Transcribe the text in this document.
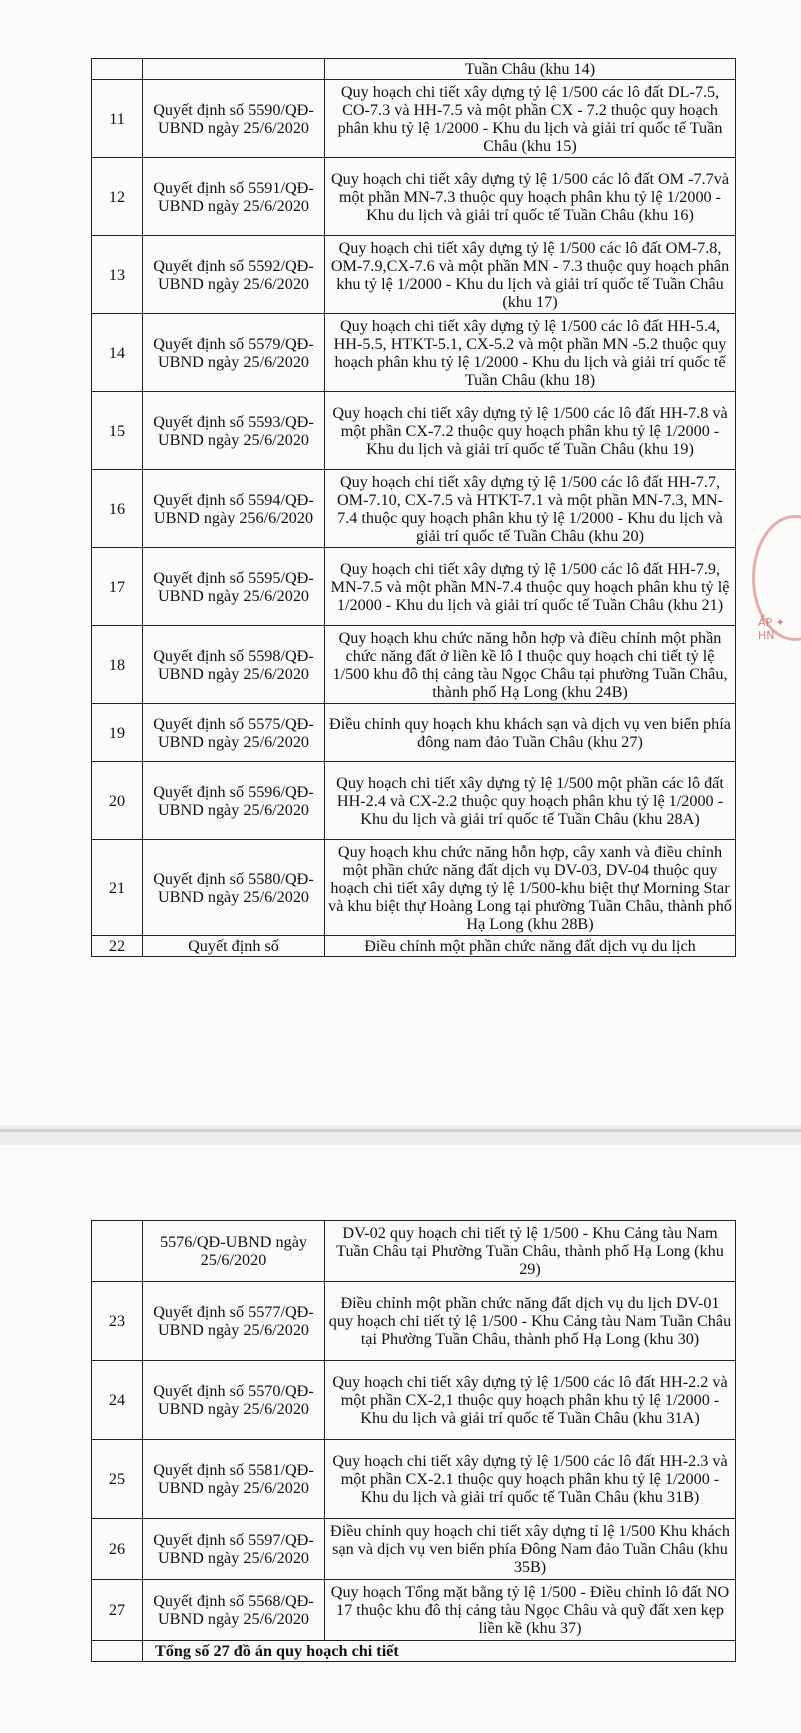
		Tuần Châu (khu 14)
11	Quyết định số 5590/QĐ-UBND ngày 25/6/2020	Quy hoạch chi tiết xây dựng tỷ lệ 1/500 các lô đất DL-7.5, CO-7.3 và HH-7.5 và một phần CX - 7.2 thuộc quy hoạch phân khu tỷ lệ 1/2000 - Khu du lịch và giải trí quốc tế Tuần Châu (khu 15)
12	Quyết định số 5591/QĐ-UBND ngày 25/6/2020	Quy hoạch chi tiết xây dựng tỷ lệ 1/500 các lô đất OM -7.7và một phần MN-7.3 thuộc quy hoạch phân khu tỷ lệ 1/2000 - Khu du lịch và giải trí quốc tế Tuần Châu (khu 16)
13	Quyết định số 5592/QĐ-UBND ngày 25/6/2020	Quy hoạch chi tiết xây dựng tỷ lệ 1/500 các lô đất OM-7.8, OM-7.9,CX-7.6 và một phần MN - 7.3 thuộc quy hoạch phân khu tỷ lệ 1/2000 - Khu du lịch và giải trí quốc tế Tuần Châu (khu 17)
14	Quyết định số 5579/QĐ-UBND ngày 25/6/2020	Quy hoạch chi tiết xây dựng tỷ lệ 1/500 các lô đất HH-5.4, HH-5.5, HTKT-5.1, CX-5.2 và một phần MN -5.2 thuộc quy hoạch phân khu tỷ lệ 1/2000 - Khu du lịch và giải trí quốc tế Tuần Châu (khu 18)
15	Quyết định số 5593/QĐ-UBND ngày 25/6/2020	Quy hoạch chi tiết xây dựng tỷ lệ 1/500 các lô đất HH-7.8 và một phần CX-7.2 thuộc quy hoạch phân khu tỷ lệ 1/2000 - Khu du lịch và giải trí quốc tế Tuần Châu (khu 19)
16	Quyết định số 5594/QĐ-UBND ngày 256/6/2020	Quy hoạch chi tiết xây dựng tỷ lệ 1/500 các lô đất HH-7.7, OM-7.10, CX-7.5 và HTKT-7.1 và một phần MN-7.3, MN-7.4 thuộc quy hoạch phân khu tỷ lệ 1/2000 - Khu du lịch và giải trí quốc tế Tuần Châu (khu 20)
17	Quyết định số 5595/QĐ-UBND ngày 25/6/2020	Quy hoạch chi tiết xây dựng tỷ lệ 1/500 các lô đất HH-7.9, MN-7.5 và một phần MN-7.4 thuộc quy hoạch phân khu tỷ lệ 1/2000 - Khu du lịch và giải trí quốc tế Tuần Châu (khu 21)
18	Quyết định số 5598/QĐ-UBND ngày 25/6/2020	Quy hoạch khu chức năng hỗn hợp và điều chỉnh một phần chức năng đất ở liền kề lô I thuộc quy hoạch chi tiết tỷ lệ 1/500 khu đô thị cảng tàu Ngọc Châu tại phường Tuần Châu, thành phố Hạ Long (khu 24B)
19	Quyết định số 5575/QĐ-UBND ngày 25/6/2020	Điều chỉnh quy hoạch khu khách sạn và dịch vụ ven biển phía đông nam đảo Tuần Châu (khu 27)
20	Quyết định số 5596/QĐ-UBND ngày 25/6/2020	Quy hoạch chi tiết xây dựng tỷ lệ 1/500 một phần các lô đất HH-2.4 và CX-2.2 thuộc quy hoạch phân khu tỷ lệ 1/2000 - Khu du lịch và giải trí quốc tế Tuần Châu (khu 28A)
21	Quyết định số 5580/QĐ-UBND ngày 25/6/2020	Quy hoạch khu chức năng hỗn hợp, cây xanh và điều chỉnh một phần chức năng đất dịch vụ DV-03, DV-04 thuộc quy hoạch chi tiết xây dựng tỷ lệ 1/500-khu biệt thự Morning Star và khu biệt thự Hoàng Long tại phường Tuần Châu, thành phố Hạ Long (khu 28B)
22	Quyết định số	Điều chỉnh một phần chức năng đất dịch vụ du lịch
ẤP ✦ HN
	5576/QĐ-UBND ngày 25/6/2020	DV-02 quy hoạch chi tiết tỷ lệ 1/500 - Khu Cảng tàu Nam Tuần Châu tại Phường Tuần Châu, thành phố Hạ Long (khu 29)
23	Quyết định số 5577/QĐ-UBND ngày 25/6/2020	Điều chỉnh một phần chức năng đất dịch vụ du lịch DV-01 quy hoạch chi tiết tỷ lệ 1/500 - Khu Cảng tàu Nam Tuần Châu tại Phường Tuần Châu, thành phố Hạ Long (khu 30)
24	Quyết định số 5570/QĐ-UBND ngày 25/6/2020	Quy hoạch chi tiết xây dựng tỷ lệ 1/500 các lô đất HH-2.2 và một phần CX-2,1 thuộc quy hoạch phân khu tỷ lệ 1/2000 - Khu du lịch và giải trí quốc tế Tuần Châu (khu 31A)
25	Quyết định số 5581/QĐ-UBND ngày 25/6/2020	Quy hoạch chi tiết xây dựng tỷ lệ 1/500 các lô đất HH-2.3 và một phần CX-2.1 thuộc quy hoạch phân khu tỷ lệ 1/2000 - Khu du lịch và giải trí quốc tế Tuần Châu (khu 31B)
26	Quyết định số 5597/QĐ-UBND ngày 25/6/2020	Điều chỉnh quy hoạch chi tiết xây dựng tỉ lệ 1/500 Khu khách sạn và dịch vụ ven biển phía Đông Nam đảo Tuần Châu (khu 35B)
27	Quyết định số 5568/QĐ-UBND ngày 25/6/2020	Quy hoạch Tổng mặt bằng tỷ lệ 1/500 - Điều chỉnh lô đất NO 17 thuộc khu đô thị cảng tàu Ngọc Châu và quỹ đất xen kẹp liền kề (khu 37)
	Tổng số 27 đồ án quy hoạch chi tiết	
